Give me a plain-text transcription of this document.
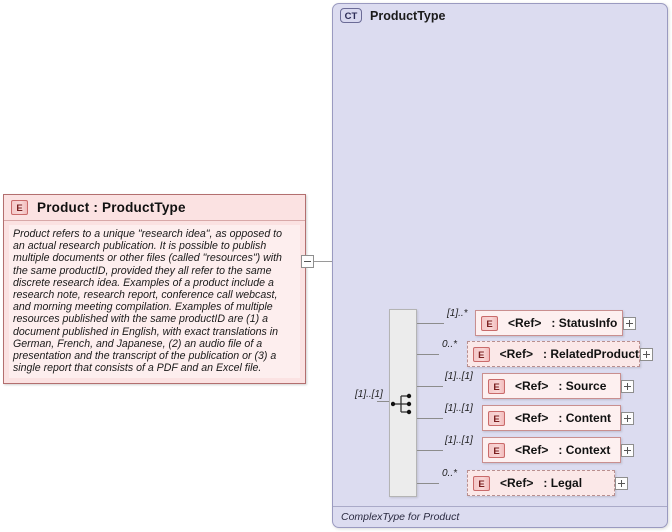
E	Product : ProductType
Product refers to a unique "research idea", as opposed to an actual research publication. It is possible to publish multiple documents or other files (called "resources") with the same productID, provided they all refer to the same discrete research idea. Examples of a product include a research note, research report, conference call webcast, and morning meeting compilation. Examples of multiple resources published with the same productID are (1) a document published in English, with exact translations in German, French, and Japanese, (2) an audio file of a presentation and the transcript of the publication or (3) a single report that consists of a PDF and an Excel file.
CT	ProductType
ComplexType for Product
[1]..[1]
[1]..*
E	<Ref> : StatusInfo
0..*
E	<Ref> : RelatedProduct
[1]..[1]
E	<Ref> : Source
[1]..[1]
E	<Ref> : Content
[1]..[1]
E	<Ref> : Context
0..*
E	<Ref> : Legal
